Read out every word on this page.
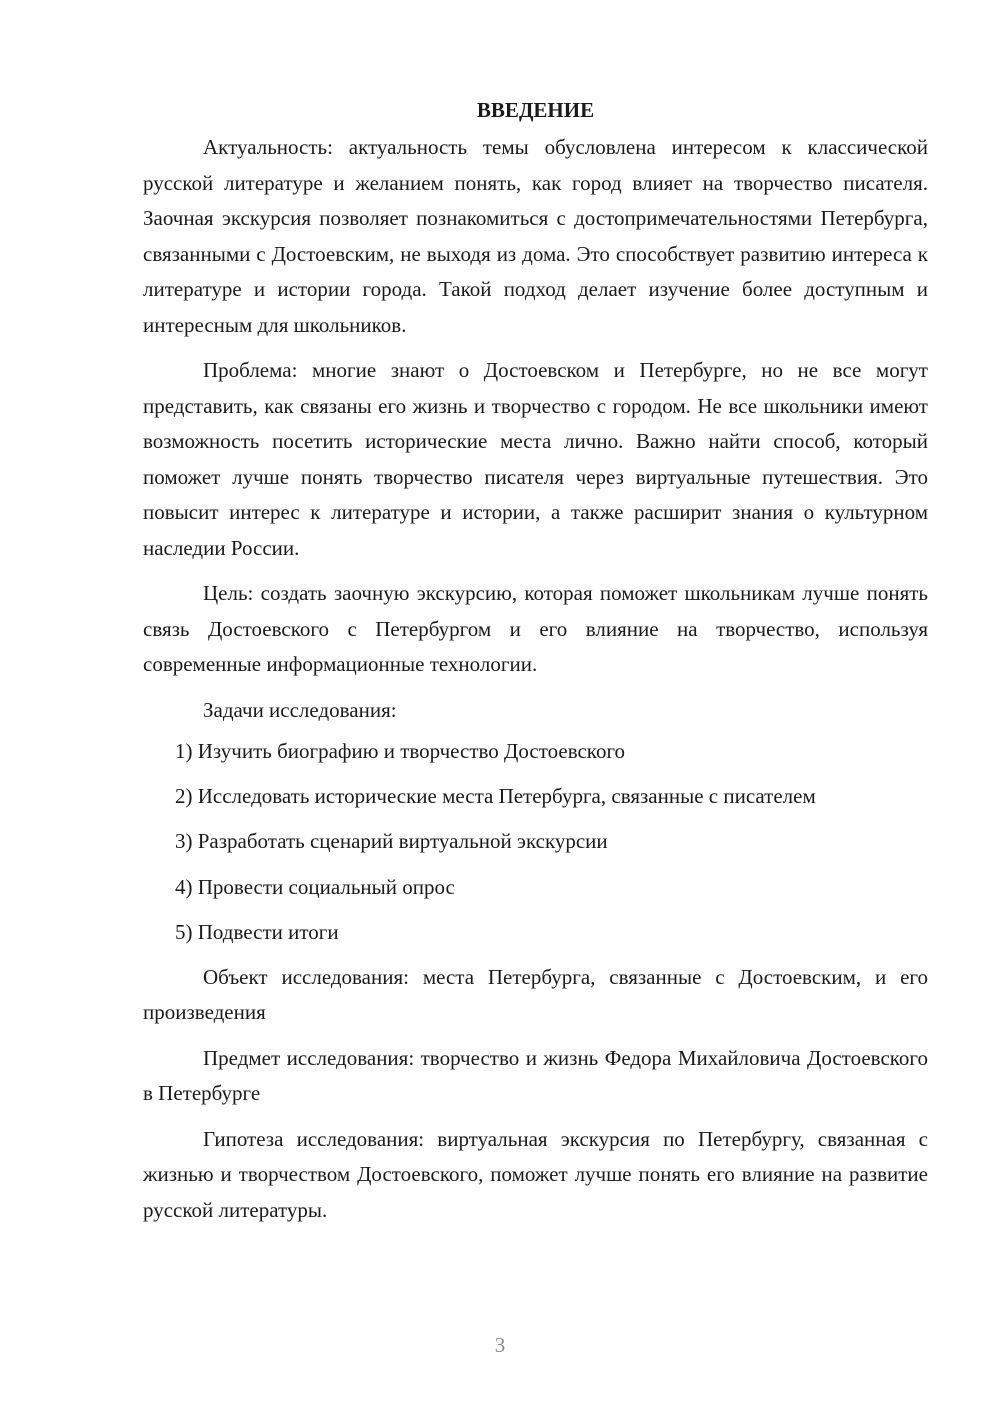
ВВЕДЕНИЕ

Актуальность: актуальность темы обусловлена интересом к классической русской литературе и желанием понять, как город влияет на творчество писателя. Заочная экскурсия позволяет познакомиться с достопримечательностями Петербурга, связанными с Достоевским, не выходя из дома. Это способствует развитию интереса к литературе и истории города. Такой подход делает изучение более доступным и интересным для школьников.

Проблема: многие знают о Достоевском и Петербурге, но не все могут представить, как связаны его жизнь и творчество с городом. Не все школьники имеют возможность посетить исторические места лично. Важно найти способ, который поможет лучше понять творчество писателя через виртуальные путешествия. Это повысит интерес к литературе и истории, а также расширит знания о культурном наследии России.

Цель: создать заочную экскурсию, которая поможет школьникам лучше понять связь Достоевского с Петербургом и его влияние на творчество, используя современные информационные технологии.

Задачи исследования:

1) Изучить биографию и творчество Достоевского
2) Исследовать исторические места Петербурга, связанные с писателем
3) Разработать сценарий виртуальной экскурсии
4) Провести социальный опрос
5) Подвести итоги

Объект исследования: места Петербурга, связанные с Достоевским, и его произведения

Предмет исследования: творчество и жизнь Федора Михайловича Достоевского в Петербурге

Гипотеза исследования: виртуальная экскурсия по Петербургу, связанная с жизнью и творчеством Достоевского, поможет лучше понять его влияние на развитие русской литературы.

3
